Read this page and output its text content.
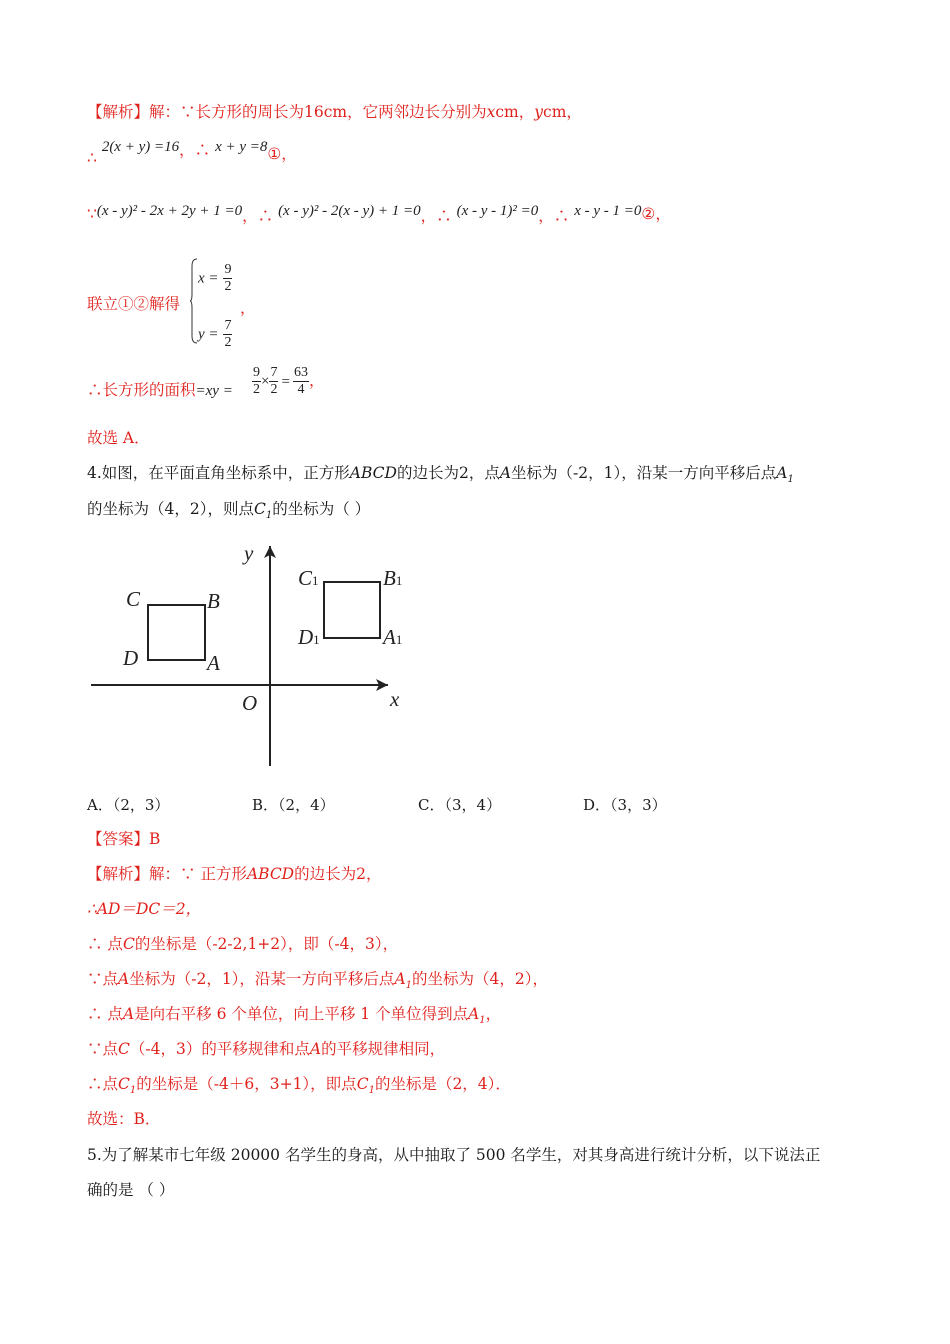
【解析】解：∵长方形的周长为16cm，它两邻边长分别为xcm，ycm，
∴ 2(x + y) =16，∴ x + y =8①，
∵(x - y)² - 2x + 2y + 1 =0，∴ (x - y)² - 2(x - y) + 1 =0，∴ (x - y - 1)² =0，∴ x - y - 1 =0②，
联立①②解得
$x = \frac{9}{2}$
$y = \frac{7}{2}$
，
∴长方形的面积$=xy = \frac{9}{2} \times \frac{7}{2} = \frac{63}{4}$ ，
故选 A．
4.如图，在平面直角坐标系中，正方形ABCD的边长为2，点A坐标为（-2，1），沿某一方向平移后点$A_1$
的坐标为（4，2），则点$C_1$的坐标为（ ）
y
x
O
C	B
D	A
C1	B1
D1	A1
A．（2，3）	B．（2，4）	C．（3，4）	D．（3，3）
【答案】B
【解析】解：∵ 正方形ABCD的边长为2，
∴AD＝DC＝2，
∴ 点C的坐标是（-2-2,1+2），即（-4，3），
∵点A坐标为（-2，1），沿某一方向平移后点$A_1$的坐标为（4，2），
∴ 点A是向右平移 6 个单位，向上平移 1 个单位得到点$A_1$，
∵点C（-4，3）的平移规律和点A的平移规律相同，
∴点$C_1$的坐标是（-4＋6，3+1），即点$C_1$的坐标是（2，4）．
故选：B．
5.为了解某市七年级 20000 名学生的身高，从中抽取了 500 名学生，对其身高进行统计分析，以下说法正
确的是 （ ）
